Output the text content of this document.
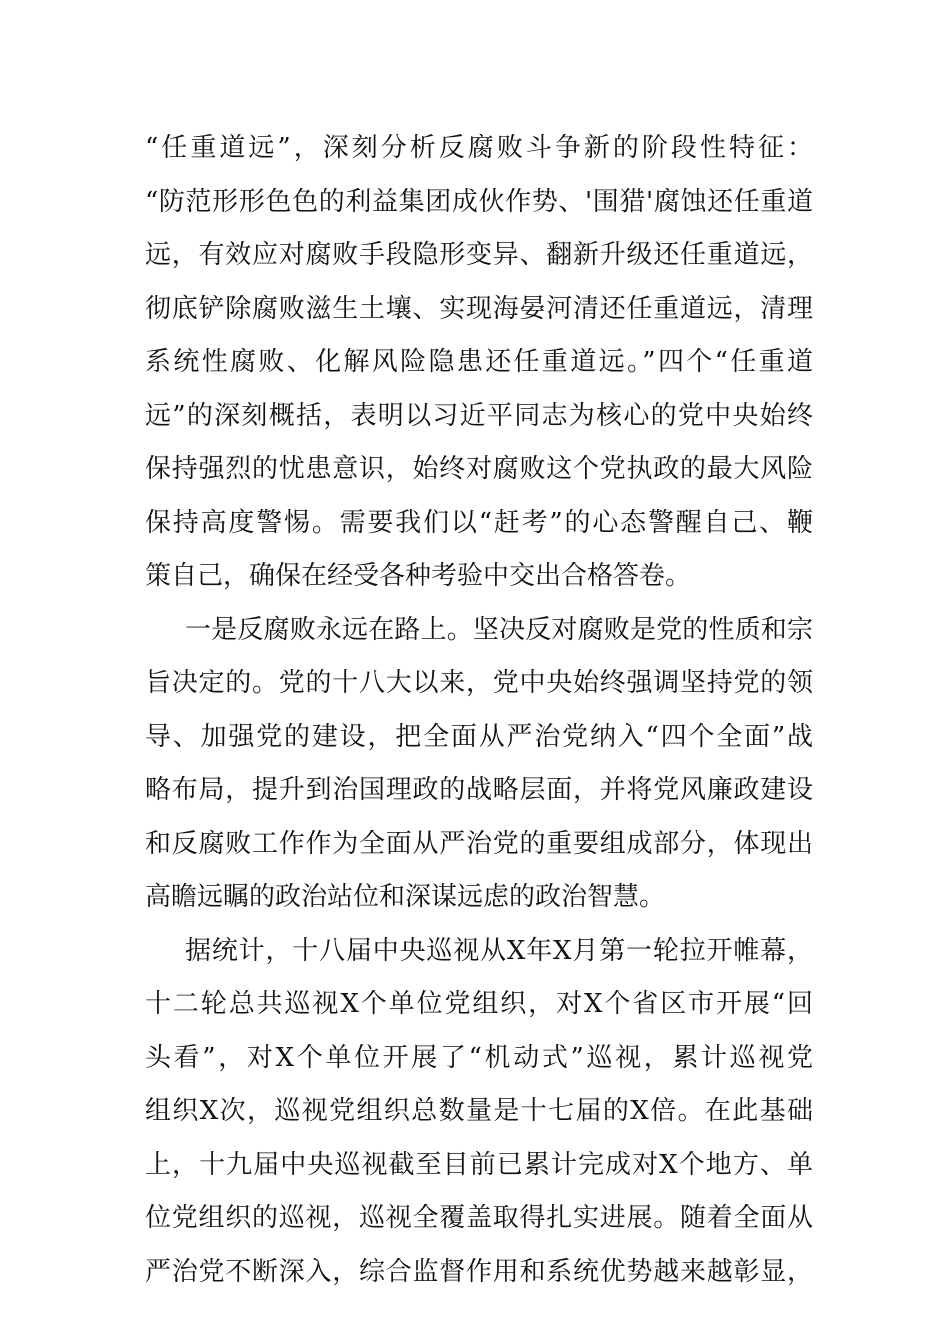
“任重道远”，深刻分析反腐败斗争新的阶段性特征：
“防范形形色色的利益集团成伙作势、'围猎'腐蚀还任重道
远，有效应对腐败手段隐形变异、翻新升级还任重道远，
彻底铲除腐败滋生土壤、实现海晏河清还任重道远，清理
系统性腐败、化解风险隐患还任重道远。”四个“任重道
远”的深刻概括，表明以习近平同志为核心的党中央始终
保持强烈的忧患意识，始终对腐败这个党执政的最大风险
保持高度警惕。需要我们以“赶考”的心态警醒自己、鞭
策自己，确保在经受各种考验中交出合格答卷。
一是反腐败永远在路上。坚决反对腐败是党的性质和宗
旨决定的。党的十八大以来，党中央始终强调坚持党的领
导、加强党的建设，把全面从严治党纳入“四个全面”战
略布局，提升到治国理政的战略层面，并将党风廉政建设
和反腐败工作作为全面从严治党的重要组成部分，体现出
高瞻远瞩的政治站位和深谋远虑的政治智慧。
据统计，十八届中央巡视从X年X月第一轮拉开帷幕，
十二轮总共巡视X个单位党组织，对X个省区市开展“回
头看”，对X个单位开展了“机动式”巡视，累计巡视党
组织X次，巡视党组织总数量是十七届的X倍。在此基础
上，十九届中央巡视截至目前已累计完成对X个地方、单
位党组织的巡视，巡视全覆盖取得扎实进展。随着全面从
严治党不断深入，综合监督作用和系统优势越来越彰显，
